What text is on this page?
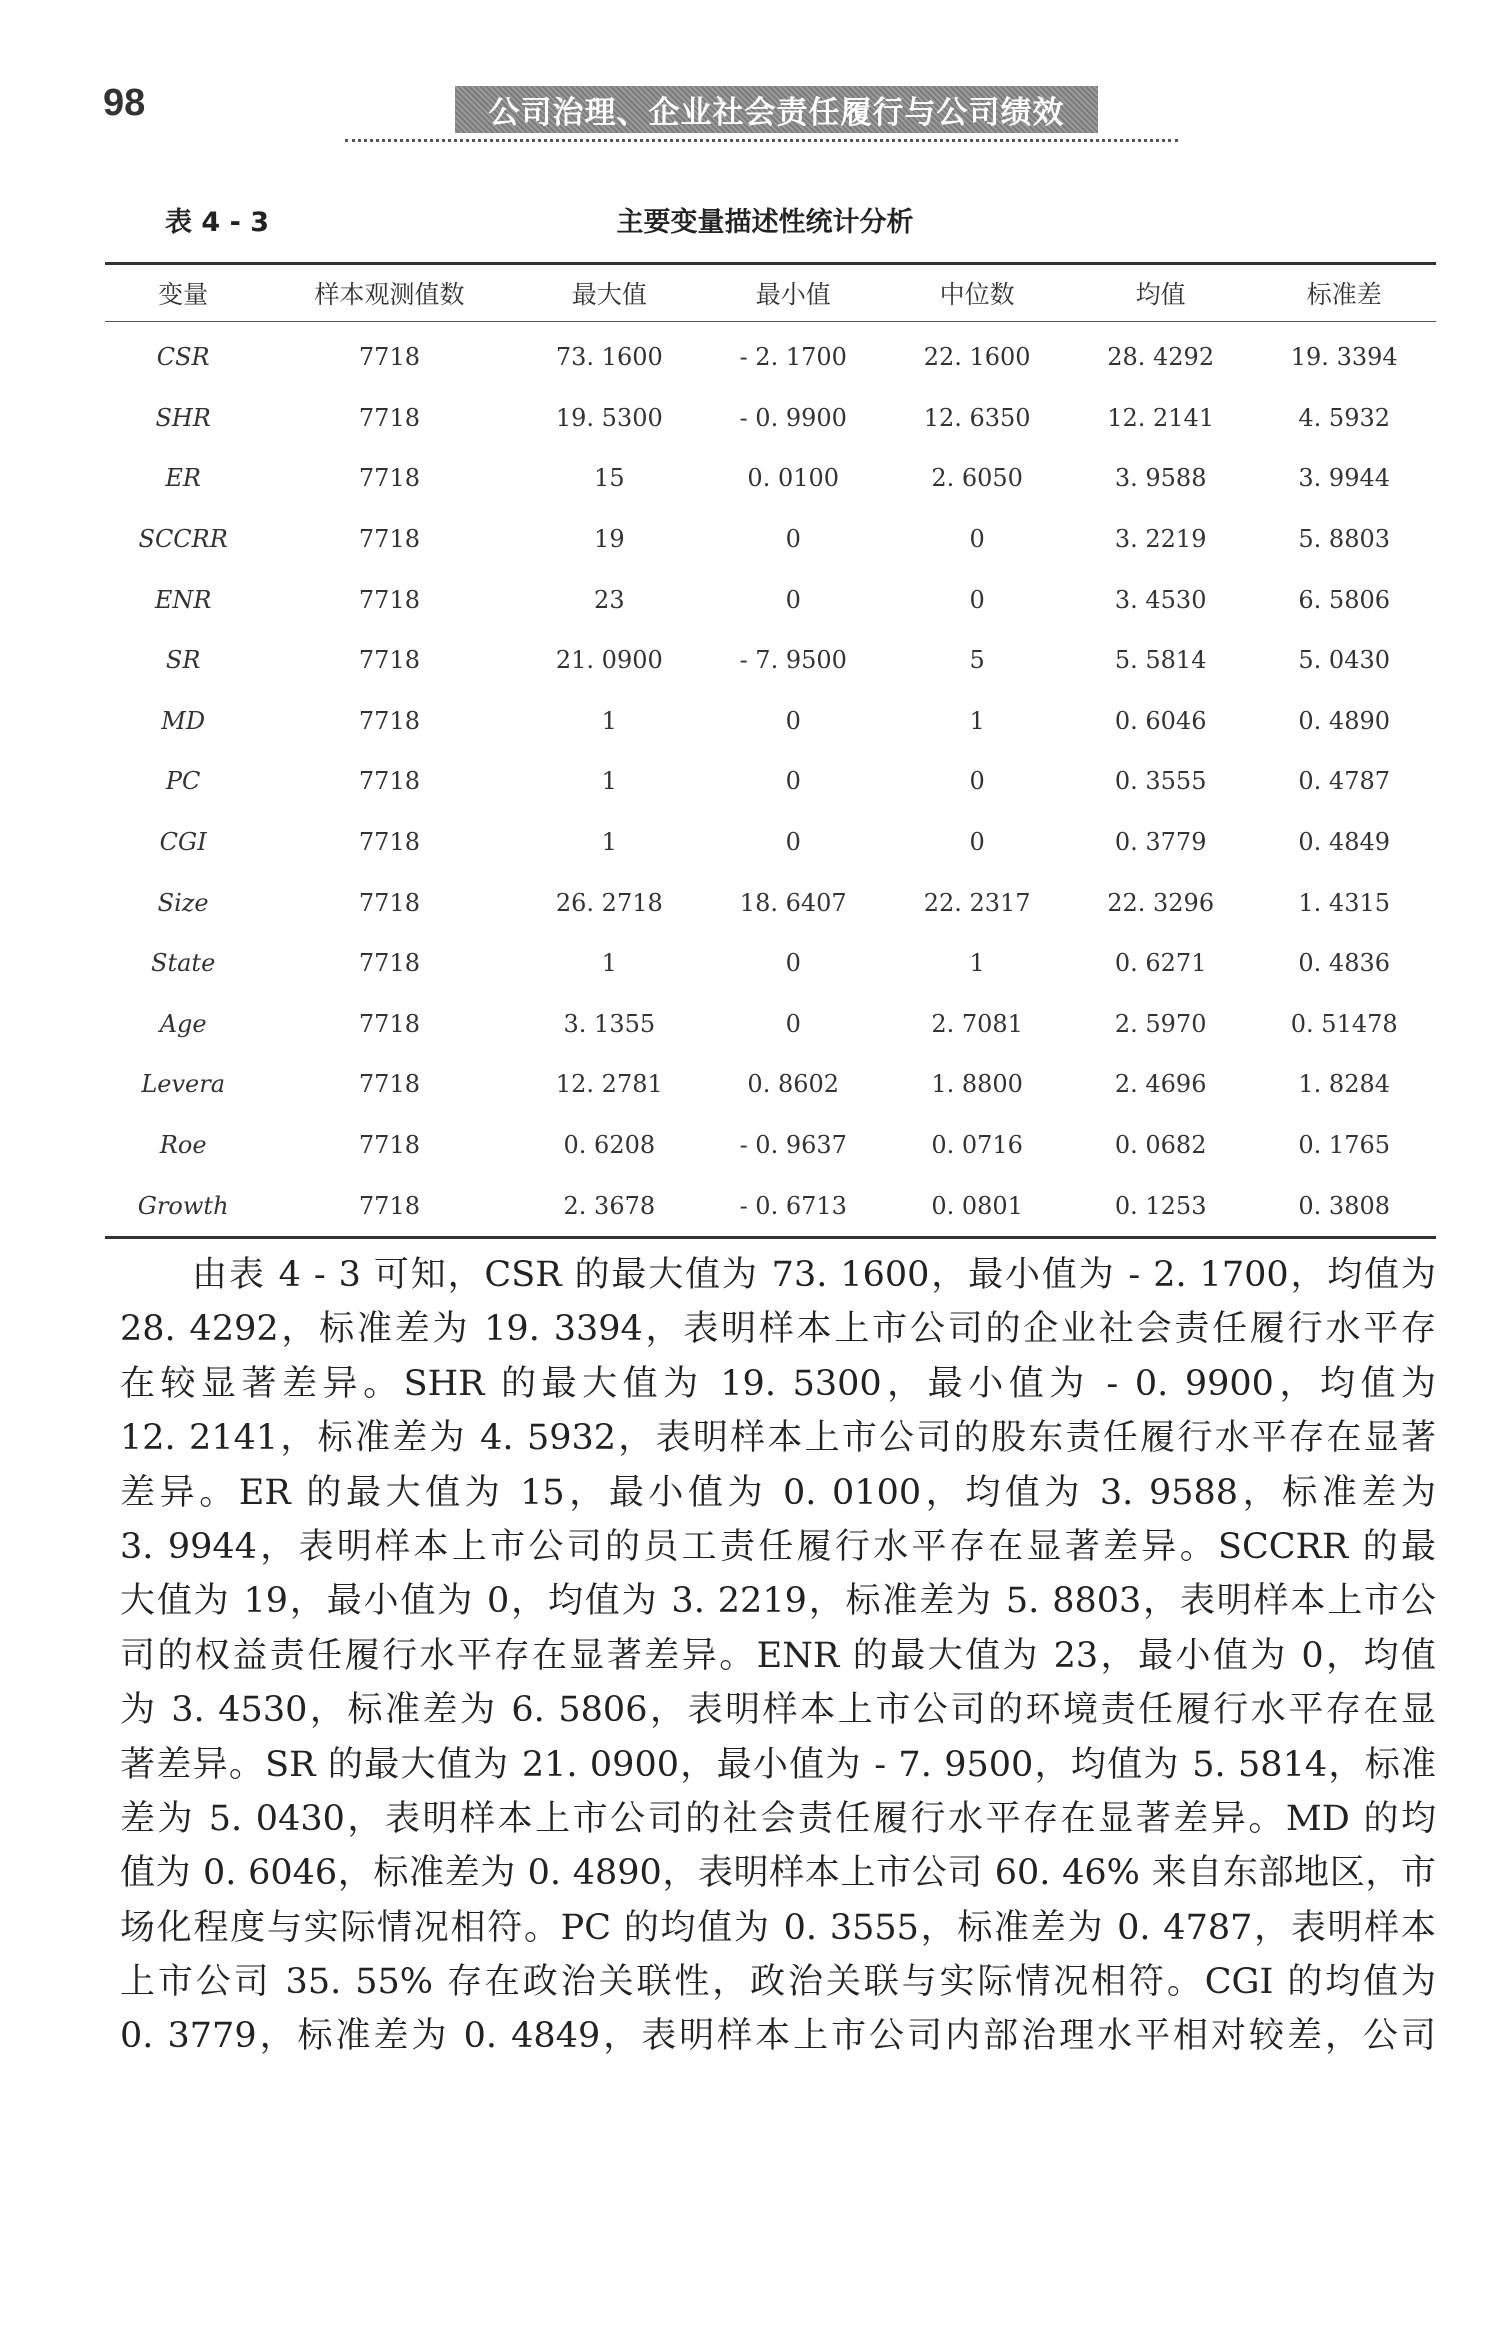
98	公司治理、企业社会责任履行与公司绩效
表 4 - 3	主要变量描述性统计分析
变量	样本观测值数	最大值	最小值	中位数	均值	标准差
CSR	7718	73. 1600	- 2. 1700	22. 1600	28. 4292	19. 3394
SHR	7718	19. 5300	- 0. 9900	12. 6350	12. 2141	4. 5932
ER	7718	15	0. 0100	2. 6050	3. 9588	3. 9944
SCCRR	7718	19	0	0	3. 2219	5. 8803
ENR	7718	23	0	0	3. 4530	6. 5806
SR	7718	21. 0900	- 7. 9500	5	5. 5814	5. 0430
MD	7718	1	0	1	0. 6046	0. 4890
PC	7718	1	0	0	0. 3555	0. 4787
CGI	7718	1	0	0	0. 3779	0. 4849
Size	7718	26. 2718	18. 6407	22. 2317	22. 3296	1. 4315
State	7718	1	0	1	0. 6271	0. 4836
Age	7718	3. 1355	0	2. 7081	2. 5970	0. 51478
Levera	7718	12. 2781	0. 8602	1. 8800	2. 4696	1. 8284
Roe	7718	0. 6208	- 0. 9637	0. 0716	0. 0682	0. 1765
Growth	7718	2. 3678	- 0. 6713	0. 0801	0. 1253	0. 3808
由表 4 - 3 可知，CSR 的最大值为 73. 1600，最小值为 - 2. 1700，均值为
28. 4292，标准差为 19. 3394，表明样本上市公司的企业社会责任履行水平存
在较显著差异。SHR 的最大值为 19. 5300，最小值为 - 0. 9900，均值为
12. 2141，标准差为 4. 5932，表明样本上市公司的股东责任履行水平存在显著
差异。ER 的最大值为 15，最小值为 0. 0100，均值为 3. 9588，标准差为
3. 9944，表明样本上市公司的员工责任履行水平存在显著差异。SCCRR 的最
大值为 19，最小值为 0，均值为 3. 2219，标准差为 5. 8803，表明样本上市公
司的权益责任履行水平存在显著差异。ENR 的最大值为 23，最小值为 0，均值
为 3. 4530，标准差为 6. 5806，表明样本上市公司的环境责任履行水平存在显
著差异。SR 的最大值为 21. 0900，最小值为 - 7. 9500，均值为 5. 5814，标准
差为 5. 0430，表明样本上市公司的社会责任履行水平存在显著差异。MD 的均
值为 0. 6046，标准差为 0. 4890，表明样本上市公司 60. 46% 来自东部地区，市
场化程度与实际情况相符。PC 的均值为 0. 3555，标准差为 0. 4787，表明样本
上市公司 35. 55% 存在政治关联性，政治关联与实际情况相符。CGI 的均值为
0. 3779，标准差为 0. 4849，表明样本上市公司内部治理水平相对较差，公司
